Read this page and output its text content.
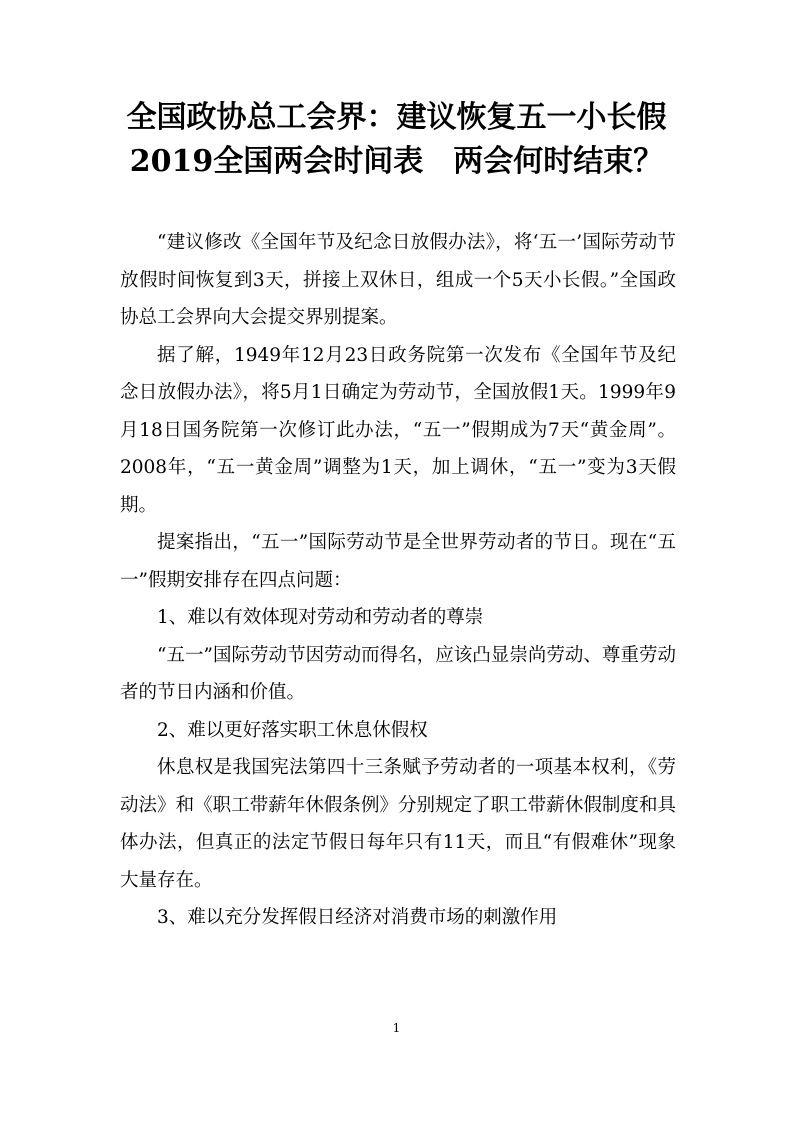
全国政协总工会界：建议恢复五一小长假
2019全国两会时间表　两会何时结束？

“建议修改《全国年节及纪念日放假办法》，将‘五一’国际劳动节放假时间恢复到3天，拼接上双休日，组成一个5天小长假。”全国政协总工会界向大会提交界别提案。

据了解，1949年12月23日政务院第一次发布《全国年节及纪念日放假办法》，将5月1日确定为劳动节，全国放假1天。1999年9月18日国务院第一次修订此办法，“五一”假期成为7天“黄金周”。2008年，“五一黄金周”调整为1天，加上调休，“五一”变为3天假期。

提案指出，“五一”国际劳动节是全世界劳动者的节日。现在“五一”假期安排存在四点问题：

1、难以有效体现对劳动和劳动者的尊崇

“五一”国际劳动节因劳动而得名，应该凸显崇尚劳动、尊重劳动者的节日内涵和价值。

2、难以更好落实职工休息休假权

休息权是我国宪法第四十三条赋予劳动者的一项基本权利，《劳动法》和《职工带薪年休假条例》分别规定了职工带薪休假制度和具体办法，但真正的法定节假日每年只有11天，而且“有假难休”现象大量存在。

3、难以充分发挥假日经济对消费市场的刺激作用

1
